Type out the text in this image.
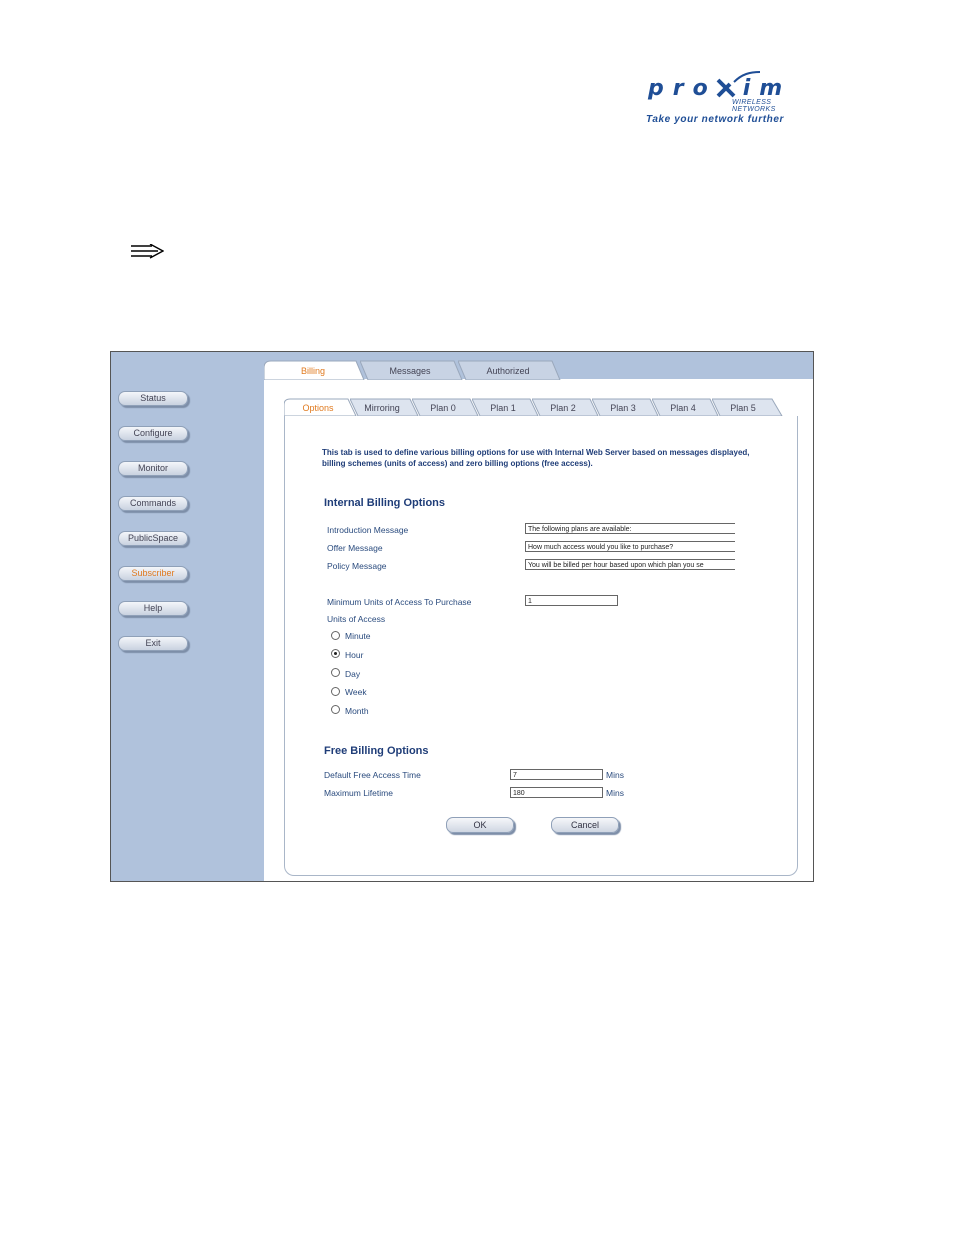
pro im
WIRELESS NETWORKS
Take your network further
Status
Configure
Monitor
Commands
PublicSpace
Subscriber
Help
Exit
Billing	Messages	Authorized
Options	Mirroring	Plan 0	Plan 1	Plan 2	Plan 3	Plan 4	Plan 5
This tab is used to define various billing options for use with Internal Web Server based on messages displayed, billing schemes (units of access) and zero billing options (free access).
Internal Billing Options
Introduction Message	The following plans are available:
Offer Message	How much access would you like to purchase?
Policy Message	You will be billed per hour based upon which plan you se
Minimum Units of Access To Purchase	1
Units of Access
Minute
Hour
Day
Week
Month
Free Billing Options
Default Free Access Time	7	Mins
Maximum Lifetime	180	Mins
OK	Cancel
